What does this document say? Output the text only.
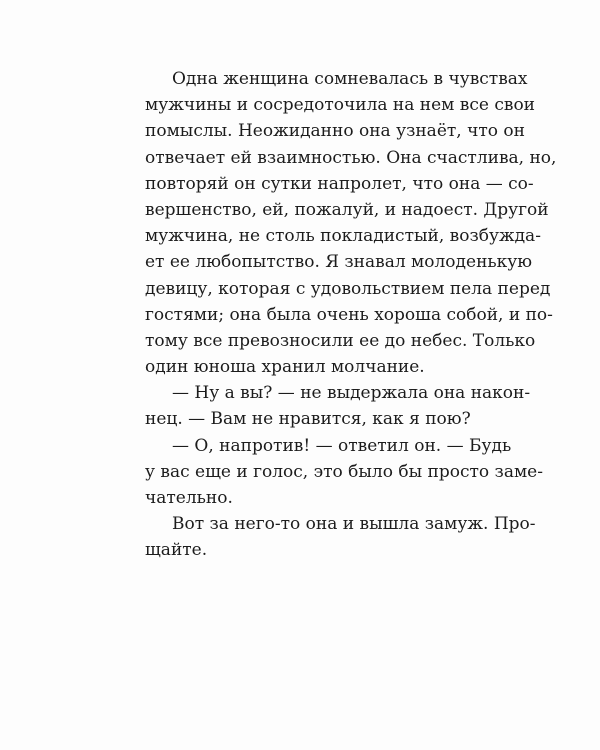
Одна женщина сомневалась в чувствах
мужчины и сосредоточила на нем все свои
помыслы. Неожиданно она узнаёт, что он
отвечает ей взаимностью. Она счастлива, но,
повторяй он сутки напролет, что она — со-
вершенство, ей, пожалуй, и надоест. Другой
мужчина, не столь покладистый, возбужда-
ет ее любопытство. Я знавал молоденькую
девицу, которая с удовольствием пела перед
гостями; она была очень хороша собой, и по-
тому все превозносили ее до небес. Только
один юноша хранил молчание.
— Ну а вы? — не выдержала она након-
нец. — Вам не нравится, как я пою?
— О, напротив! — ответил он. — Будь
у вас еще и голос, это было бы просто заме-
чательно.
Вот за него-то она и вышла замуж. Про-
щайте.
